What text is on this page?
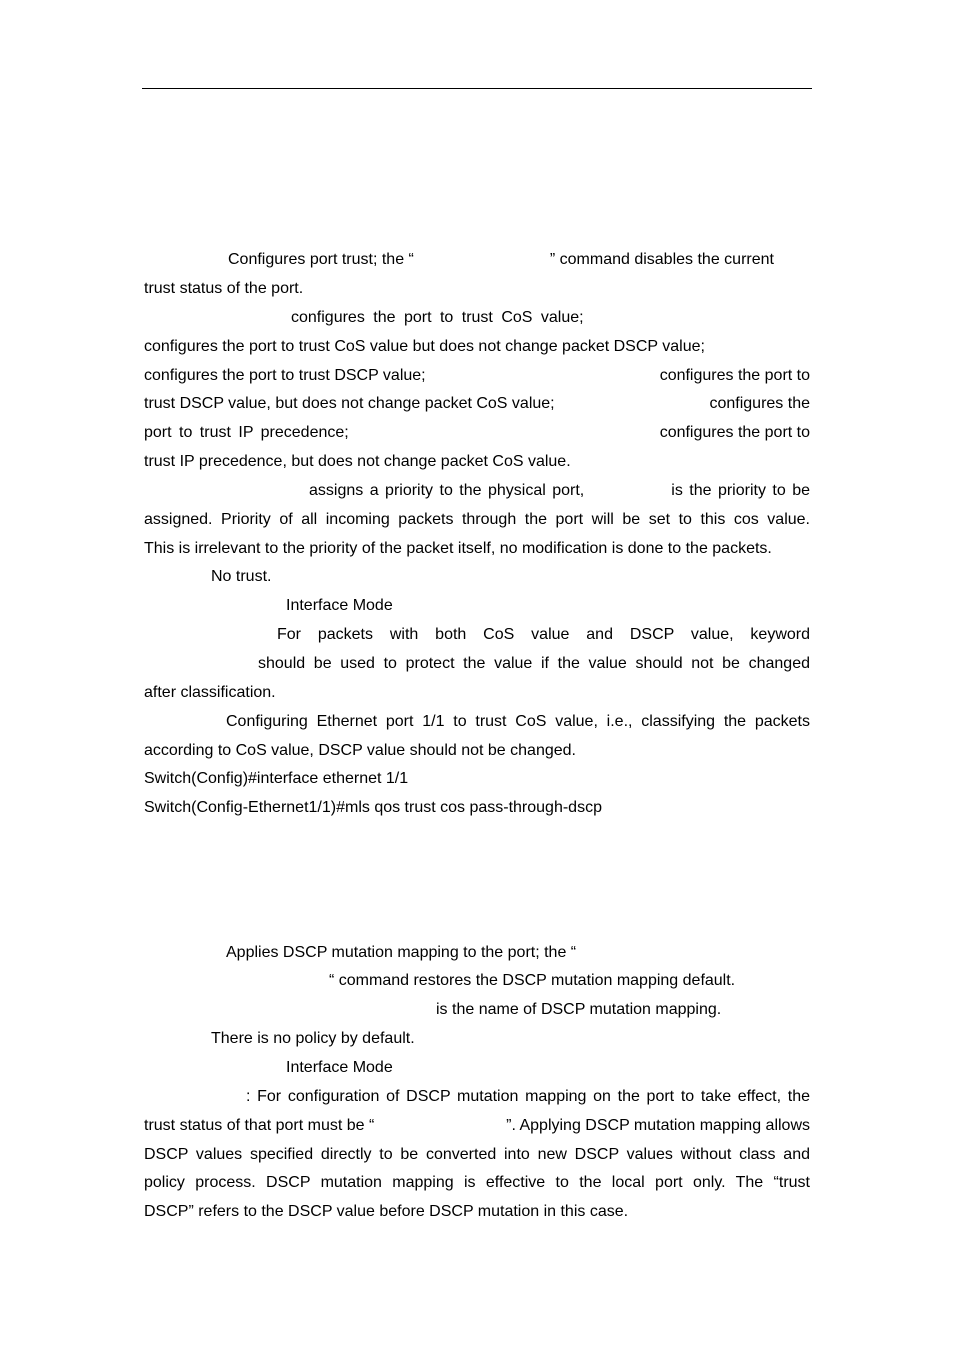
Configures port trust; the “	” command disables the current
trust status of the port.
configures the port to trust CoS value;
configures the port to trust CoS value but does not change packet DSCP value;
configures the port to trust DSCP value;	configures the port to
trust DSCP value, but does not change packet CoS value;	configures the
port to trust IP precedence;	configures the port to
trust IP precedence, but does not change packet CoS value.
assigns a priority to the physical port,	is the priority to be
assigned. Priority of all incoming packets through the port will be set to this cos value.
This is irrelevant to the priority of the packet itself, no modification is done to the packets.
No trust.
Interface Mode
For packets with both CoS value and DSCP value, keyword
should be used to protect the value if the value should not be changed
after classification.
Configuring Ethernet port 1/1 to trust CoS value, i.e., classifying the packets
according to CoS value, DSCP value should not be changed.
Switch(Config)#interface ethernet 1/1
Switch(Config-Ethernet1/1)#mls qos trust cos pass-through-dscp
Applies DSCP mutation mapping to the port; the “
“ command restores the DSCP mutation mapping default.
is the name of DSCP mutation mapping.
There is no policy by default.
Interface Mode
: For configuration of DSCP mutation mapping on the port to take effect, the
trust status of that port must be “	”. Applying DSCP mutation mapping allows
DSCP values specified directly to be converted into new DSCP values without class and
policy process. DSCP mutation mapping is effective to the local port only. The “trust
DSCP” refers to the DSCP value before DSCP mutation in this case.
